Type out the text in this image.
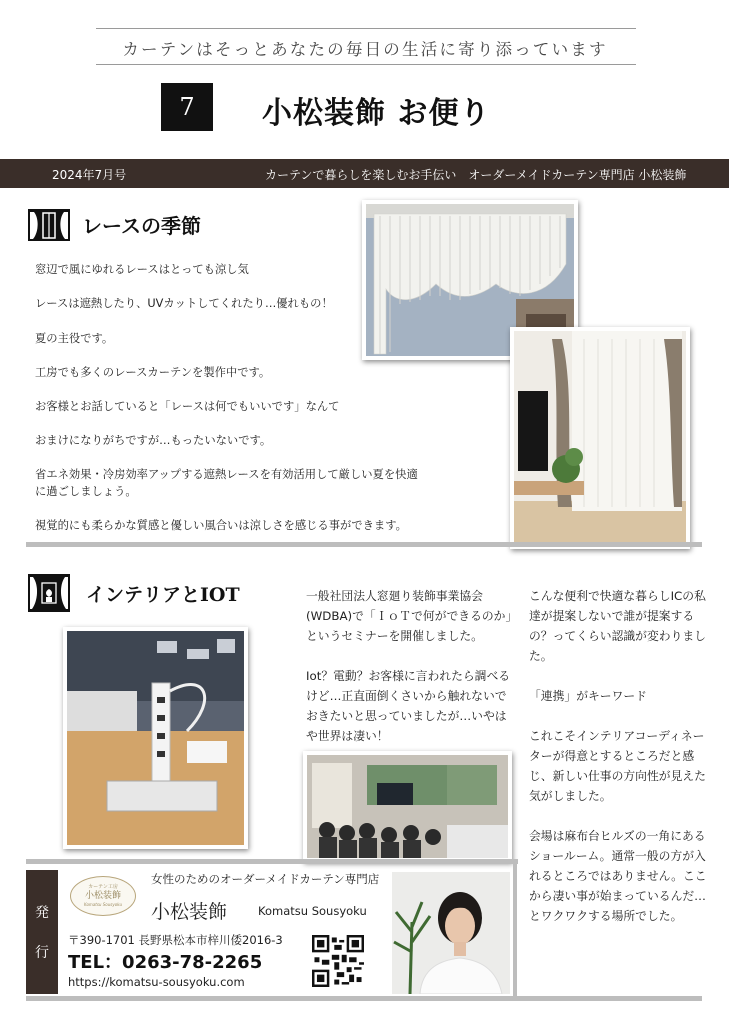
カーテンはそっとあなたの毎日の生活に寄り添っています
7	小松装飾 お便り
2024年7月号	カーテンで暮らしを楽しむお手伝い　オーダーメイドカーテン専門店 小松装飾
レースの季節
窓辺で風にゆれるレースはとっても涼し気
レースは遮熱したり、UVカットしてくれたり…優れもの！
夏の主役です。
工房でも多くのレースカーテンを製作中です。
お客様とお話していると「レースは何でもいいです」なんて
おまけになりがちですが…もったいないです。
省エネ効果・冷房効率アップする遮熱レースを有効活用して厳しい夏を快適
に過ごしましょう。
視覚的にも柔らかな質感と優しい風合いは涼しさを感じる事ができます。
インテリアとIOT	一般社団法人窓廻り装飾事業協会(WDBA)で「ＩｏＴで何ができるのか」というセミナーを開催しました。

Iot？電動？お客様に言われたら調べるけど…正直面倒くさいから触れないでおきたいと思っていましたが…いやはや世界は凄い！

こんな便利で快適な暮らしICの私達が提案しないで誰が提案するの？ってくらい認識が変わりました。

「連携」がキーワード

これこそインテリアコーディネーターが得意とするところだと感じ、新しい仕事の方向性が見えた気がしました。

会場は麻布台ヒルズの一角にあるショールーム。通常一般の方が入れるところではありません。ここから凄い事が始まっているんだ…とワクワクする場所でした。

発
行
カーテン工房
小松装飾
Komatsu Sousyoku
女性のためのオーダーメイドカーテン専門店
小松装飾	Komatsu Sousyoku
〒390-1701 長野県松本市梓川倭2016-3
TEL：0263-78-2265
https://komatsu-sousyoku.com
